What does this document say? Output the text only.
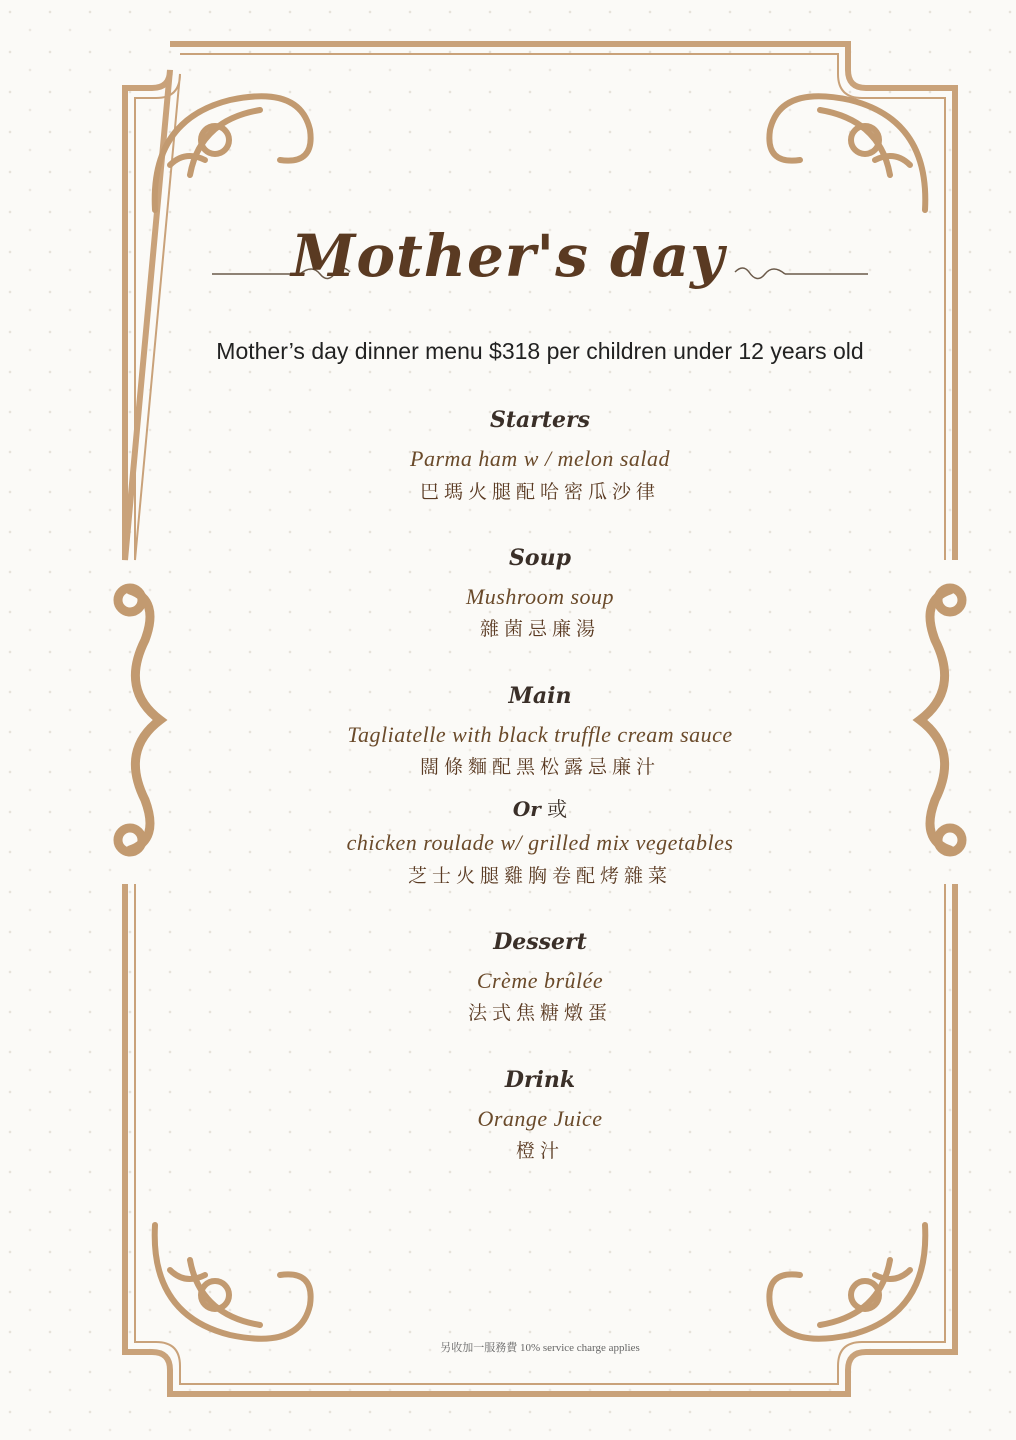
Mother's day
Mother’s day dinner menu $318 per children under 12 years old
Starters
Parma ham w / melon salad
巴瑪火腿配哈密瓜沙律
Soup
Mushroom soup
雜菌忌廉湯
Main
Tagliatelle with black truffle cream sauce
闊條麵配黑松露忌廉汁
Or 或
chicken roulade w/ grilled mix vegetables
芝士火腿雞胸卷配烤雜菜
Dessert
Crème brûlée
法式焦糖燉蛋
Drink
Orange Juice
橙汁
另收加一服務費 10% service charge applies
